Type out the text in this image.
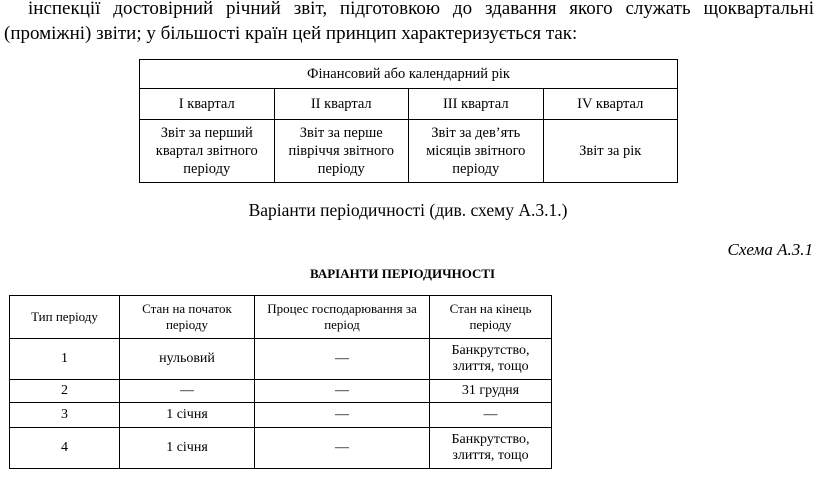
інспекції достовірний річний звіт, підготовкою до здавання якого служать щоквартальні (проміжні) звіти; у більшості країн цей принцип характеризується так:
Фінансовий або календарний рік			
І квартал	ІІ квартал	ІІІ квартал	IV квартал
Звіт за перший квартал звітного періоду	Звіт за перше півріччя звітного періоду	Звіт за дев’ять місяців звітного періоду	Звіт за рік
Варіанти періодичності (див. схему А.3.1.)
Схема А.3.1
ВАРІАНТИ ПЕРІОДИЧНОСТІ
Тип періоду	Стан на початок періоду	Процес господарювання за період	Стан на кінець періоду
1	нульовий	—	Банкрутство, злиття, тощо
2	—	—	31 грудня
3	1 січня	—	—
4	1 січня	—	Банкрутство, злиття, тощо
